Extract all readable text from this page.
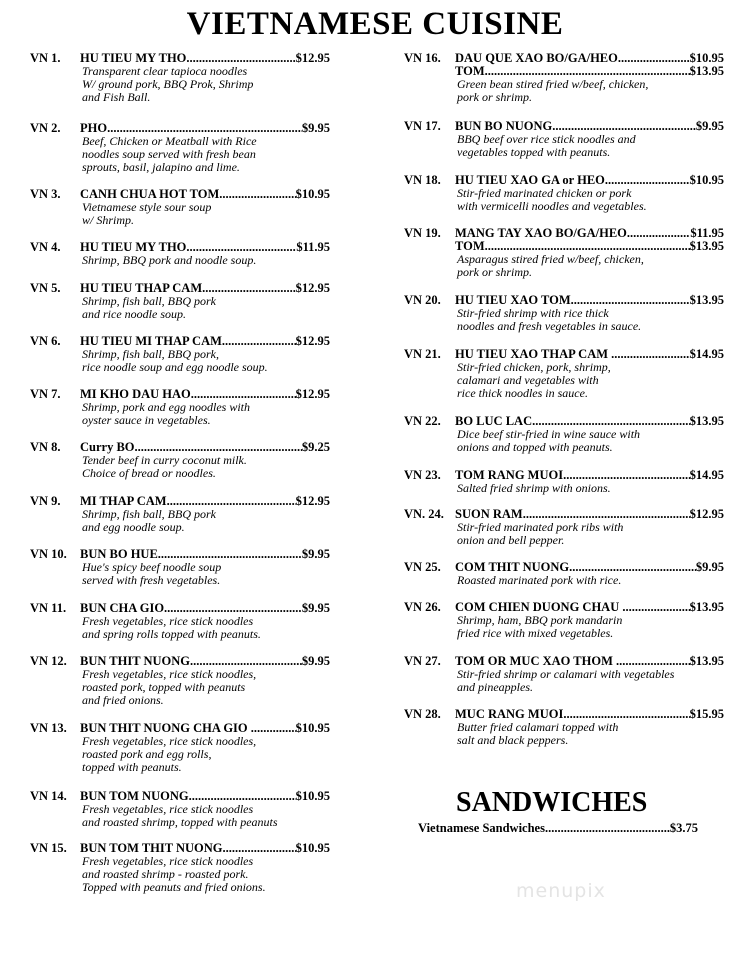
VIETNAMESE CUISINE
VN 1.	HU TIEU MY THO .....	$12.95
Transparent clear tapioca noodles
W/ ground pork, BBQ Prok, Shrimp
and Fish Ball.
VN 2.	PHO .....	$9.95
Beef, Chicken or Meatball with Rice
noodles soup served with fresh bean
sprouts, basil, jalapino and lime.
VN 3.	CANH CHUA HOT TOM .....	$10.95
Vietnamese style sour soup
w/ Shrimp.
VN 4.	HU TIEU MY THO .....	$11.95
Shrimp, BBQ pork and noodle soup.
VN 5.	HU TIEU THAP CAM .....	$12.95
Shrimp, fish ball, BBQ pork
and rice noodle soup.
VN 6.	HU TIEU MI THAP CAM .....	$12.95
Shrimp, fish ball, BBQ pork,
rice noodle soup and egg noodle soup.
VN 7.	MI KHO DAU HAO .....	$12.95
Shrimp, pork and egg noodles with
oyster sauce in vegetables.
VN 8.	Curry BO .....	$9.25
Tender beef in curry coconut milk.
Choice of bread or noodles.
VN 9.	MI THAP CAM .....	$12.95
Shrimp, fish ball, BBQ pork
and egg noodle soup.
VN 10.	BUN BO HUE .....	$9.95
Hue's spicy beef noodle soup
served with fresh vegetables.
VN 11.	BUN CHA GIO .....	$9.95
Fresh vegetables, rice stick noodles
and spring rolls topped with peanuts.
VN 12.	BUN THIT NUONG .....	$9.95
Fresh vegetables, rice stick noodles,
roasted pork, topped with peanuts
and fried onions.
VN 13.	BUN THIT NUONG CHA GIO .. .....	$10.95
Fresh vegetables, rice stick noodles,
roasted pork and egg rolls,
topped with peanuts.
VN 14.	BUN TOM NUONG .....	$10.95
Fresh vegetables, rice stick noodles
and roasted shrimp, topped with peanuts
VN 15.	BUN TOM THIT NUONG .....	$10.95
Fresh vegetables, rice stick noodles
and roasted shrimp - roasted pork.
Topped with peanuts and fried onions.
VN 16.	DAU QUE XAO BO/GA/HEO.... .....	$10.95
TOM .....	$13.95
Green bean stired fried w/beef, chicken,
pork or shrimp.
VN 17.	BUN BO NUONG .....	$9.95
BBQ beef over rice stick noodles and
vegetables topped with peanuts.
VN 18.	HU TIEU XAO GA or HEO........ .....	$10.95
Stir-fried marinated chicken or pork
with vermicelli noodles and vegetables.
VN 19.	MANG TAY XAO BO/GA/HEO.. .....	$11.95
TOM .....	$13.95
Asparagus stired fried w/beef, chicken,
pork or shrimp.
VN 20.	HU TIEU XAO TOM .....	$13.95
Stir-fried shrimp with rice thick
noodles and fresh vegetables in sauce.
VN 21.	HU TIEU XAO THAP CAM ....... .....	$14.95
Stir-fried chicken, pork, shrimp,
calamari and vegetables with
rice thick noodles in sauce.
VN 22.	BO LUC LAC .....	$13.95
Dice beef stir-fried in wine sauce with
onions and topped with peanuts.
VN 23.	TOM RANG MUOI .....	$14.95
Salted fried shrimp with onions.
VN. 24. SUON RAM .....	$12.95
Stir-fried marinated pork ribs with
onion and bell pepper.
VN 25.	COM THIT NUONG .....	$9.95
Roasted marinated pork with rice.
VN 26.	COM CHIEN DUONG CHAU .... .....	$13.95
Shrimp, ham, BBQ pork mandarin
fried rice with mixed vegetables.
VN 27.	TOM OR MUC XAO THOM ..... .....	$13.95
Stir-fried shrimp or calamari with vegetables
and pineapples.
VN 28.	MUC RANG MUOI .....	$15.95
Butter fried calamari topped with
salt and black peppers.
SANDWICHES
Vietnamese Sandwiches .....	$3.75
menupix
